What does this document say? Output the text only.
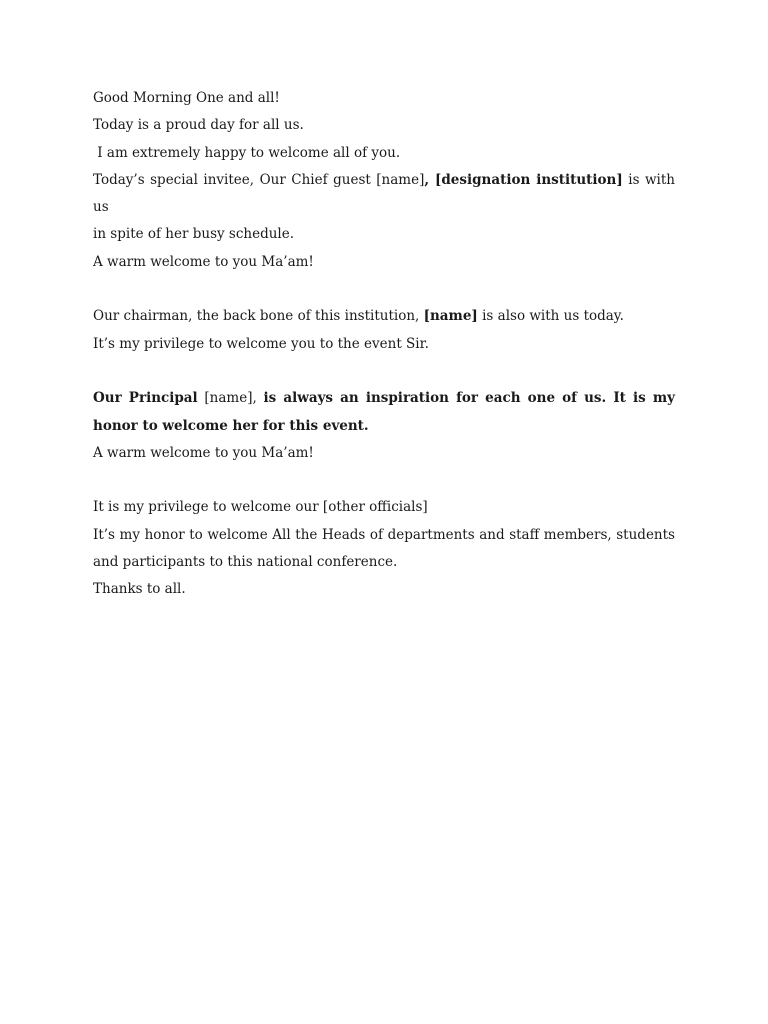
Good Morning One and all!
Today is a proud day for all us.
I am extremely happy to welcome all of you.
Today’s special invitee, Our Chief guest [name], [designation institution] is with us
in spite of her busy schedule.
A warm welcome to you Ma’am!
Our chairman, the back bone of this institution, [name] is also with us today.
It’s my privilege to welcome you to the event Sir.
Our Principal [name], is always an inspiration for each one of us. It is my
honor to welcome her for this event.
A warm welcome to you Ma’am!
It is my privilege to welcome our [other officials]
It’s my honor to welcome All the Heads of departments and staff members, students
and participants to this national conference.
Thanks to all.
